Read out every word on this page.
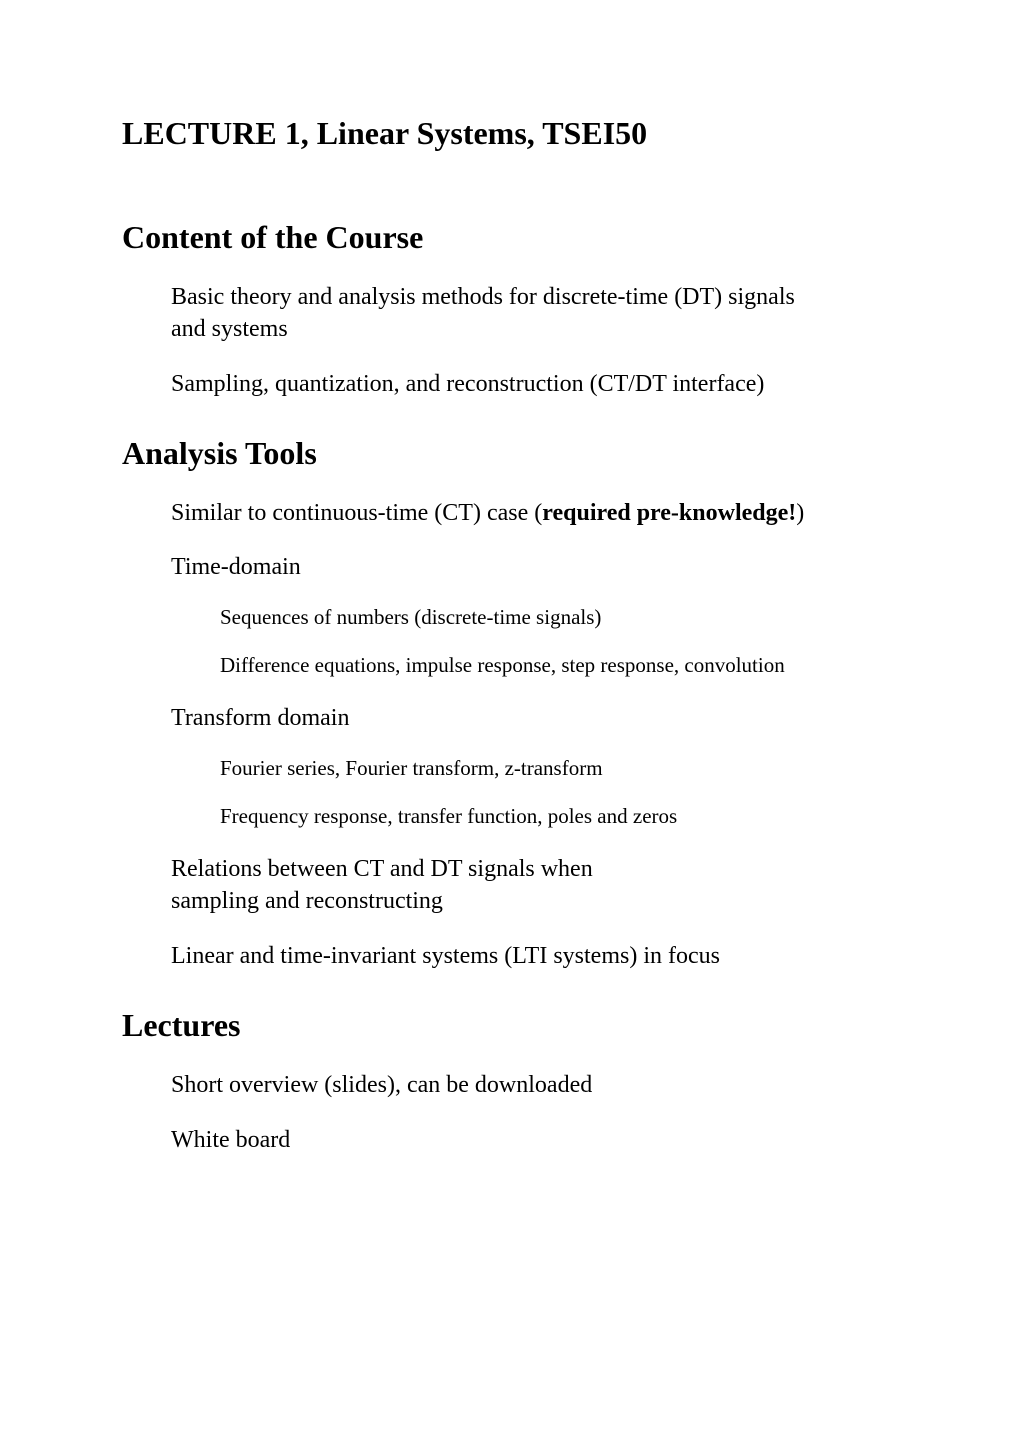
LECTURE 1, Linear Systems, TSEI50
Content of the Course

Basic theory and analysis methods for discrete-time (DT) signals
and systems

Sampling, quantization, and reconstruction (CT/DT interface)

Analysis Tools

Similar to continuous-time (CT) case (required pre-knowledge!)

Time-domain

Sequences of numbers (discrete-time signals)

Difference equations, impulse response, step response, convolution

Transform domain

Fourier series, Fourier transform, z-transform

Frequency response, transfer function, poles and zeros

Relations between CT and DT signals when
sampling and reconstructing

Linear and time-invariant systems (LTI systems) in focus

Lectures

Short overview (slides), can be downloaded

White board
